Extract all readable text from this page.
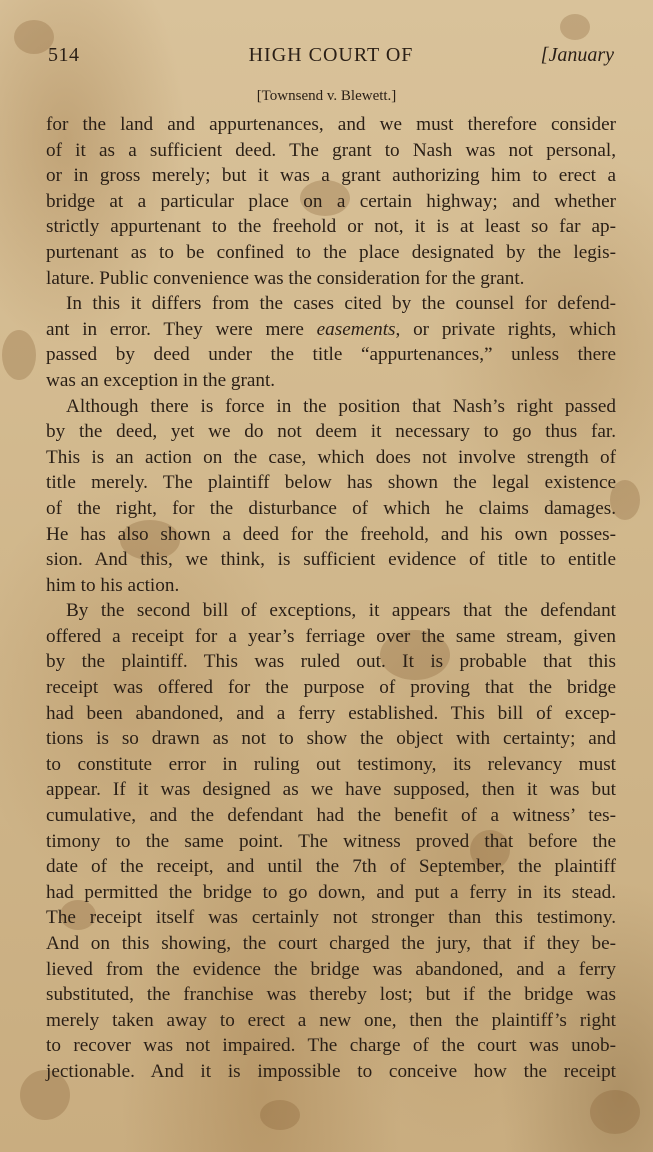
514	HIGH COURT OF	[January
[Townsend v. Blewett.]
for the land and appurtenances, and we must therefore consider
of it as a sufficient deed. The grant to Nash was not personal,
or in gross merely; but it was a grant authorizing him to erect a
bridge at a particular place on a certain highway; and whether
strictly appurtenant to the freehold or not, it is at least so far ap-
purtenant as to be confined to the place designated by the legis-
lature. Public convenience was the consideration for the grant.
In this it differs from the cases cited by the counsel for defend-
ant in error. They were mere easements, or private rights, which
passed by deed under the title “appurtenances,” unless there
was an exception in the grant.
Although there is force in the position that Nash’s right passed
by the deed, yet we do not deem it necessary to go thus far.
This is an action on the case, which does not involve strength of
title merely. The plaintiff below has shown the legal existence
of the right, for the disturbance of which he claims damages.
He has also shown a deed for the freehold, and his own posses-
sion. And this, we think, is sufficient evidence of title to entitle
him to his action.
By the second bill of exceptions, it appears that the defendant
offered a receipt for a year’s ferriage over the same stream, given
by the plaintiff. This was ruled out. It is probable that this
receipt was offered for the purpose of proving that the bridge
had been abandoned, and a ferry established. This bill of excep-
tions is so drawn as not to show the object with certainty; and
to constitute error in ruling out testimony, its relevancy must
appear. If it was designed as we have supposed, then it was but
cumulative, and the defendant had the benefit of a witness’ tes-
timony to the same point. The witness proved that before the
date of the receipt, and until the 7th of September, the plaintiff
had permitted the bridge to go down, and put a ferry in its stead.
The receipt itself was certainly not stronger than this testimony.
And on this showing, the court charged the jury, that if they be-
lieved from the evidence the bridge was abandoned, and a ferry
substituted, the franchise was thereby lost; but if the bridge was
merely taken away to erect a new one, then the plaintiff’s right
to recover was not impaired. The charge of the court was unob-
jectionable. And it is impossible to conceive how the receipt
